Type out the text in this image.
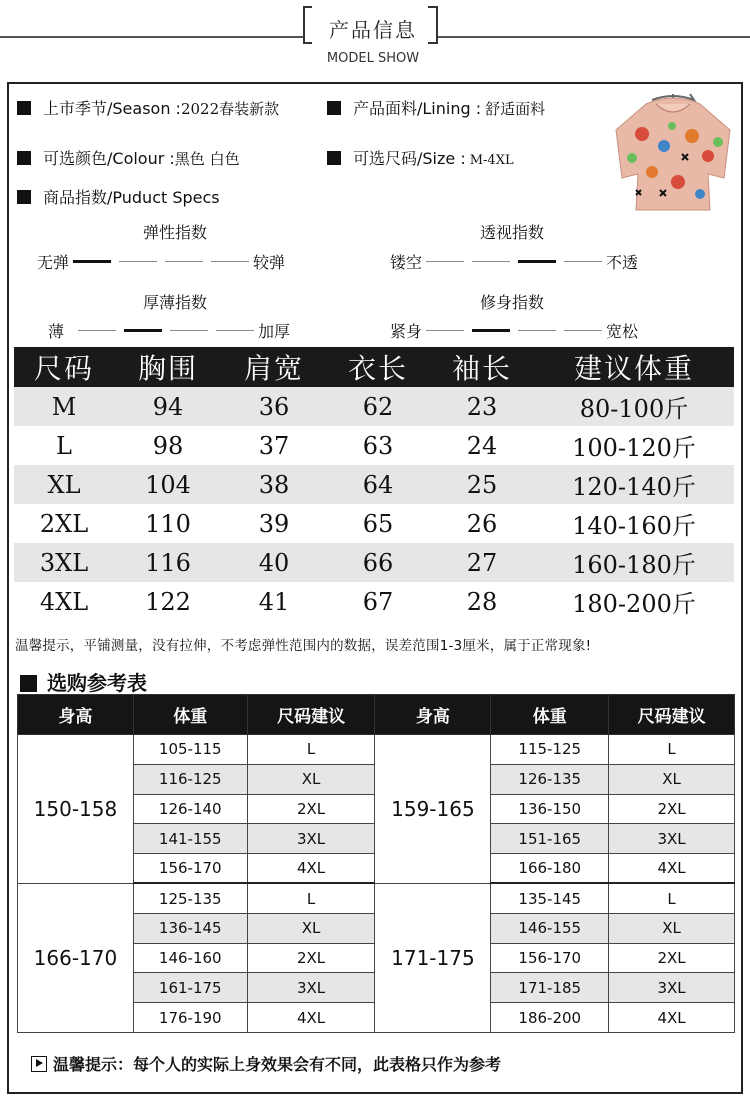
产品信息
MODEL SHOW
上市季节/Season :2022春装新款	产品面料/Lining : 舒适面料
可选颜色/Colour :黑色 白色	可选尺码/Size : M-4XL
商品指数/Puduct Specs
弹性指数
无弹	较弹
透视指数
镂空	不透
厚薄指数
薄	加厚
修身指数
紧身	宽松
尺码	胸围	肩宽	衣长	袖长	建议体重
M	94	36	62	23	80-100斤
L	98	37	63	24	100-120斤
XL	104	38	64	25	120-140斤
2XL	110	39	65	26	140-160斤
3XL	116	40	66	27	160-180斤
4XL	122	41	67	28	180-200斤
温馨提示，平铺测量，没有拉伸，不考虑弹性范围内的数据，误差范围1-3厘米，属于正常现象!
选购参考表
身高	体重	尺码建议	身高	体重	尺码建议
150-158	105-115	L	159-165	115-125	L
	116-125	XL		126-135	XL
	126-140	2XL		136-150	2XL
	141-155	3XL		151-165	3XL
	156-170	4XL		166-180	4XL
166-170	125-135	L	171-175	135-145	L
	136-145	XL		146-155	XL
	146-160	2XL		156-170	2XL
	161-175	3XL		171-185	3XL
	176-190	4XL		186-200	4XL
温馨提示：每个人的实际上身效果会有不同，此表格只作为参考
